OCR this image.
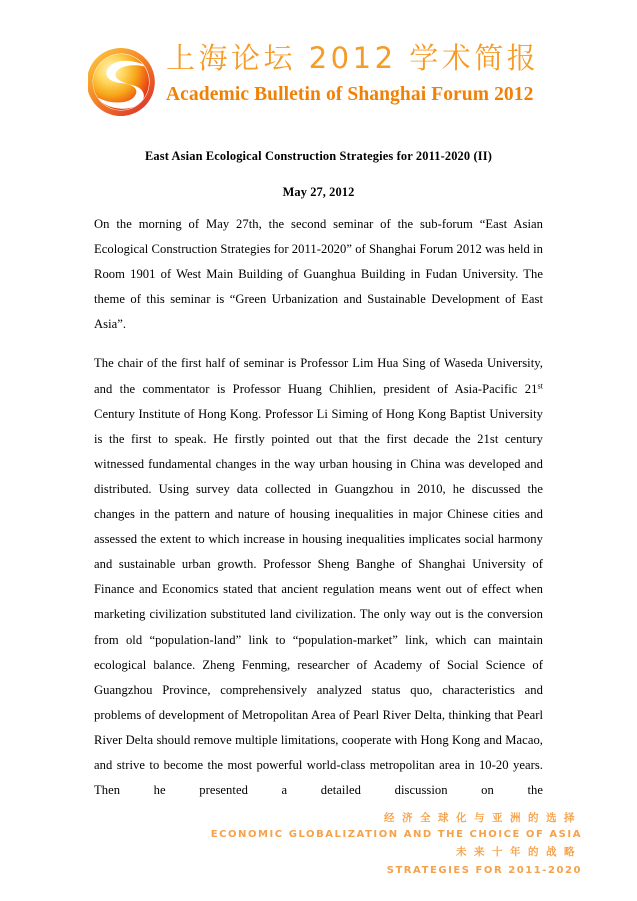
上海论坛 2012 学术简报
Academic Bulletin of Shanghai Forum 2012
East Asian Ecological Construction Strategies for 2011-2020 (II)
May 27, 2012

On the morning of May 27th, the second seminar of the sub-forum “East Asian Ecological Construction Strategies for 2011-2020” of Shanghai Forum 2012 was held in Room 1901 of West Main Building of Guanghua Building in Fudan University. The theme of this seminar is “Green Urbanization and Sustainable Development of East Asia”.

The chair of the first half of seminar is Professor Lim Hua Sing of Waseda University, and the commentator is Professor Huang Chihlien, president of Asia-Pacific 21st Century Institute of Hong Kong. Professor Li Siming of Hong Kong Baptist University is the first to speak. He firstly pointed out that the first decade the 21st century witnessed fundamental changes in the way urban housing in China was developed and distributed. Using survey data collected in Guangzhou in 2010, he discussed the changes in the pattern and nature of housing inequalities in major Chinese cities and assessed the extent to which increase in housing inequalities implicates social harmony and sustainable urban growth. Professor Sheng Banghe of Shanghai University of Finance and Economics stated that ancient regulation means went out of effect when marketing civilization substituted land civilization. The only way out is the conversion from old “population-land” link to “population-market” link, which can maintain ecological balance. Zheng Fenming, researcher of Academy of Social Science of Guangzhou Province, comprehensively analyzed status quo, characteristics and problems of development of Metropolitan Area of Pearl River Delta, thinking that Pearl River Delta should remove multiple limitations, cooperate with Hong Kong and Macao, and strive to become the most powerful world-class metropolitan area in 10-20 years. Then he presented a detailed discussion on the

经济全球化与亚洲的选择
ECONOMIC GLOBALIZATION AND THE CHOICE OF ASIA
未来十年的战略
STRATEGIES FOR 2011-2020
